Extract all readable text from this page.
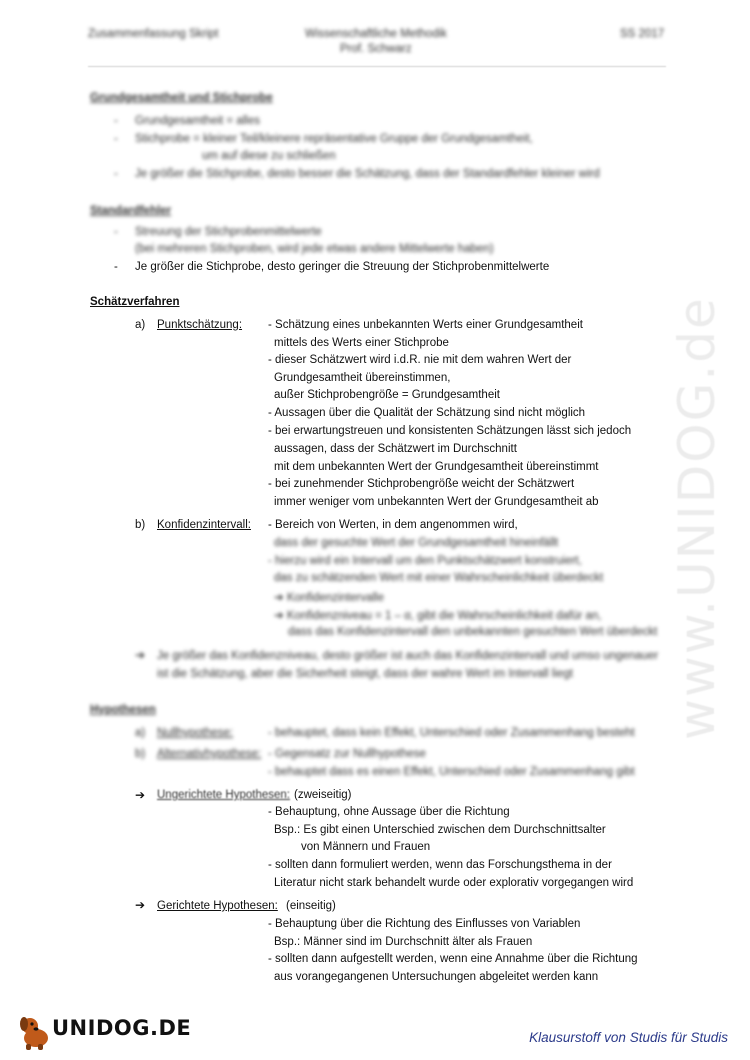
Zusammenfassung Skript	Wissenschaftliche Methodik
Prof. Schwarz
SS 2017
www.UNIDOG.de
Grundgesamtheit und Stichprobe
- Grundgesamtheit = alles
- Stichprobe = kleiner Teil/kleinere repräsentative Gruppe der Grundgesamtheit,
um auf diese zu schließen
- Je größer die Stichprobe, desto besser die Schätzung, dass der Standardfehler kleiner wird
Standardfehler
- Streuung der Stichprobenmittelwerte
(bei mehreren Stichproben, wird jede etwas andere Mittelwerte haben)
- Je größer die Stichprobe, desto geringer die Streuung der Stichprobenmittelwerte
Schätzverfahren
a) Punktschätzung: - Schätzung eines unbekannten Werts einer Grundgesamtheit
mittels des Werts einer Stichprobe
- dieser Schätzwert wird i.d.R. nie mit dem wahren Wert der
Grundgesamtheit übereinstimmen,
außer Stichprobengröße = Grundgesamtheit
- Aussagen über die Qualität der Schätzung sind nicht möglich
- bei erwartungstreuen und konsistenten Schätzungen lässt sich jedoch
aussagen, dass der Schätzwert im Durchschnitt
mit dem unbekannten Wert der Grundgesamtheit übereinstimmt
- bei zunehmender Stichprobengröße weicht der Schätzwert
immer weniger vom unbekannten Wert der Grundgesamtheit ab
b) Konfidenzintervall: - Bereich von Werten, in dem angenommen wird,
dass der gesuchte Wert der Grundgesamtheit hineinfällt
- hierzu wird ein Intervall um den Punktschätzwert konstruiert,
das zu schätzenden Wert mit einer Wahrscheinlichkeit überdeckt
➔ Konfidenzintervalle
➔ Konfidenzniveau = 1 – α, gibt die Wahrscheinlichkeit dafür an,
dass das Konfidenzintervall den unbekannten gesuchten Wert überdeckt
➔ Je größer das Konfidenzniveau, desto größer ist auch das Konfidenzintervall und umso ungenauer
ist die Schätzung, aber die Sicherheit steigt, dass der wahre Wert im Intervall liegt
Hypothesen
a) Nullhypothese:	- behauptet, dass kein Effekt, Unterschied oder Zusammenhang besteht
b) Alternativhypothese: - Gegensatz zur Nullhypothese
- behauptet dass es einen Effekt, Unterschied oder Zusammenhang gibt
➔ Ungerichtete Hypothesen: (zweiseitig)
- Behauptung, ohne Aussage über die Richtung
Bsp.: Es gibt einen Unterschied zwischen dem Durchschnittsalter
von Männern und Frauen
- sollten dann formuliert werden, wenn das Forschungsthema in der
Literatur nicht stark behandelt wurde oder explorativ vorgegangen wird
➔ Gerichtete Hypothesen: (einseitig)
- Behauptung über die Richtung des Einflusses von Variablen
Bsp.: Männer sind im Durchschnitt älter als Frauen
- sollten dann aufgestellt werden, wenn eine Annahme über die Richtung
aus vorangegangenen Untersuchungen abgeleitet werden kann
UNIDOG.DE	Klausurstoff von Studis für Studis
